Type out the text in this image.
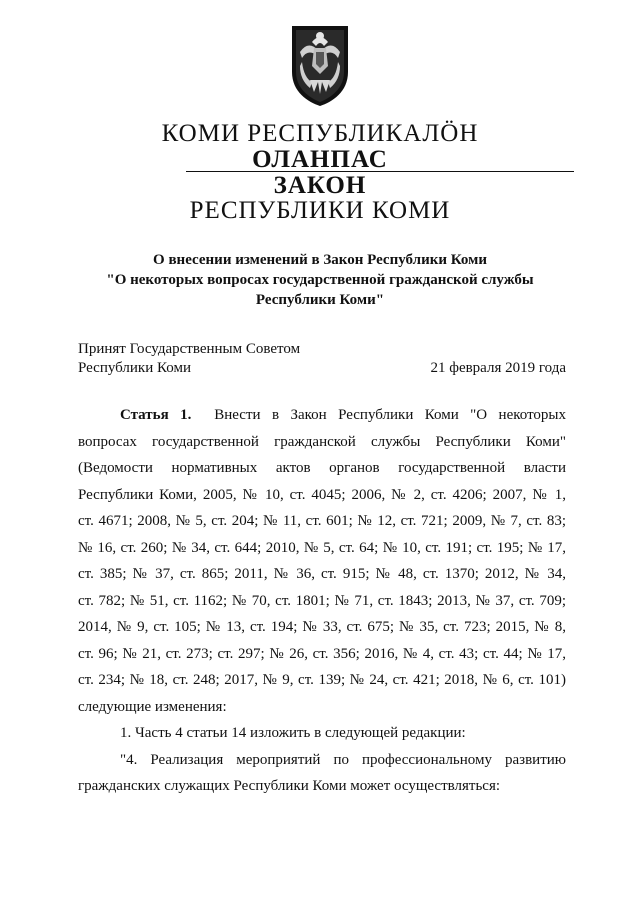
КОМИ РЕСПУБЛИКАЛӦН
ОЛАНПАС
ЗАКОН
РЕСПУБЛИКИ КОМИ
О внесении изменений в Закон Республики Коми
"О некоторых вопросах государственной гражданской службы
Республики Коми"
Принят Государственным Советом
Республики Коми	21 февраля 2019 года
Статья 1. Внести в Закон Республики Коми "О некоторых
вопросах государственной гражданской службы Республики Коми"
(Ведомости нормативных актов органов государственной власти
Республики Коми, 2005, № 10, ст. 4045; 2006, № 2, ст. 4206; 2007, № 1,
ст. 4671; 2008, № 5, ст. 204; № 11, ст. 601; № 12, ст. 721; 2009, № 7, ст. 83;
№ 16, ст. 260; № 34, ст. 644; 2010, № 5, ст. 64; № 10, ст. 191; ст. 195; № 17,
ст. 385; № 37, ст. 865; 2011, № 36, ст. 915; № 48, ст. 1370; 2012, № 34,
ст. 782; № 51, ст. 1162; № 70, ст. 1801; № 71, ст. 1843; 2013, № 37, ст. 709;
2014, № 9, ст. 105; № 13, ст. 194; № 33, ст. 675; № 35, ст. 723; 2015, № 8,
ст. 96; № 21, ст. 273; ст. 297; № 26, ст. 356; 2016, № 4, ст. 43; ст. 44; № 17,
ст. 234; № 18, ст. 248; 2017, № 9, ст. 139; № 24, ст. 421; 2018, № 6, ст. 101)
следующие изменения:
1. Часть 4 статьи 14 изложить в следующей редакции:
"4. Реализация мероприятий по профессиональному развитию
гражданских служащих Республики Коми может осуществляться:
